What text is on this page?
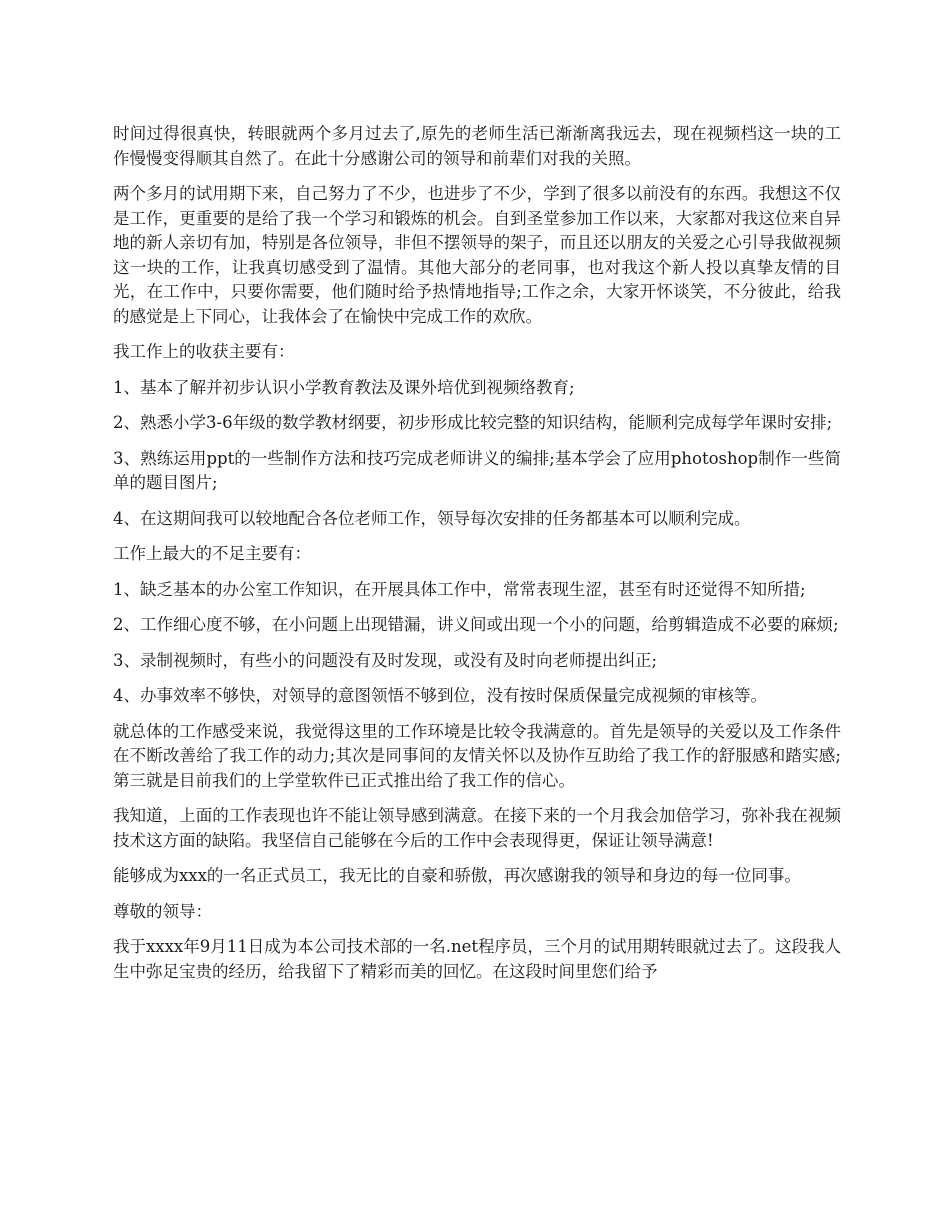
时间过得很真快，转眼就两个多月过去了,原先的老师生活已渐渐离我远去，现在视频档这一块的工作慢慢变得顺其自然了。在此十分感谢公司的领导和前辈们对我的关照。

两个多月的试用期下来，自己努力了不少，也进步了不少，学到了很多以前没有的东西。我想这不仅是工作，更重要的是给了我一个学习和锻炼的机会。自到圣堂参加工作以来，大家都对我这位来自异地的新人亲切有加，特别是各位领导，非但不摆领导的架子，而且还以朋友的关爱之心引导我做视频这一块的工作，让我真切感受到了温情。其他大部分的老同事，也对我这个新人投以真挚友情的目光，在工作中，只要你需要，他们随时给予热情地指导;工作之余，大家开怀谈笑，不分彼此，给我的感觉是上下同心，让我体会了在愉快中完成工作的欢欣。

我工作上的收获主要有：

1、基本了解并初步认识小学教育教法及课外培优到视频络教育;

2、熟悉小学3-6年级的数学教材纲要，初步形成比较完整的知识结构，能顺利完成每学年课时安排;

3、熟练运用ppt的一些制作方法和技巧完成老师讲义的编排;基本学会了应用photoshop制作一些简单的题目图片;

4、在这期间我可以较地配合各位老师工作，领导每次安排的任务都基本可以顺利完成。

工作上最大的不足主要有：

1、缺乏基本的办公室工作知识，在开展具体工作中，常常表现生涩，甚至有时还觉得不知所措;

2、工作细心度不够，在小问题上出现错漏，讲义间或出现一个小的问题，给剪辑造成不必要的麻烦;

3、录制视频时，有些小的问题没有及时发现，或没有及时向老师提出纠正;

4、办事效率不够快，对领导的意图领悟不够到位，没有按时保质保量完成视频的审核等。

就总体的工作感受来说，我觉得这里的工作环境是比较令我满意的。首先是领导的关爱以及工作条件在不断改善给了我工作的动力;其次是同事间的友情关怀以及协作互助给了我工作的舒服感和踏实感;第三就是目前我们的上学堂软件已正式推出给了我工作的信心。

我知道，上面的工作表现也许不能让领导感到满意。在接下来的一个月我会加倍学习，弥补我在视频技术这方面的缺陷。我坚信自己能够在今后的工作中会表现得更，保证让领导满意!

能够成为xxx的一名正式员工，我无比的自豪和骄傲，再次感谢我的领导和身边的每一位同事。

尊敬的领导：

我于xxxx年9月11日成为本公司技术部的一名.net程序员，三个月的试用期转眼就过去了。这段我人生中弥足宝贵的经历，给我留下了精彩而美的回忆。在这段时间里您们给予
